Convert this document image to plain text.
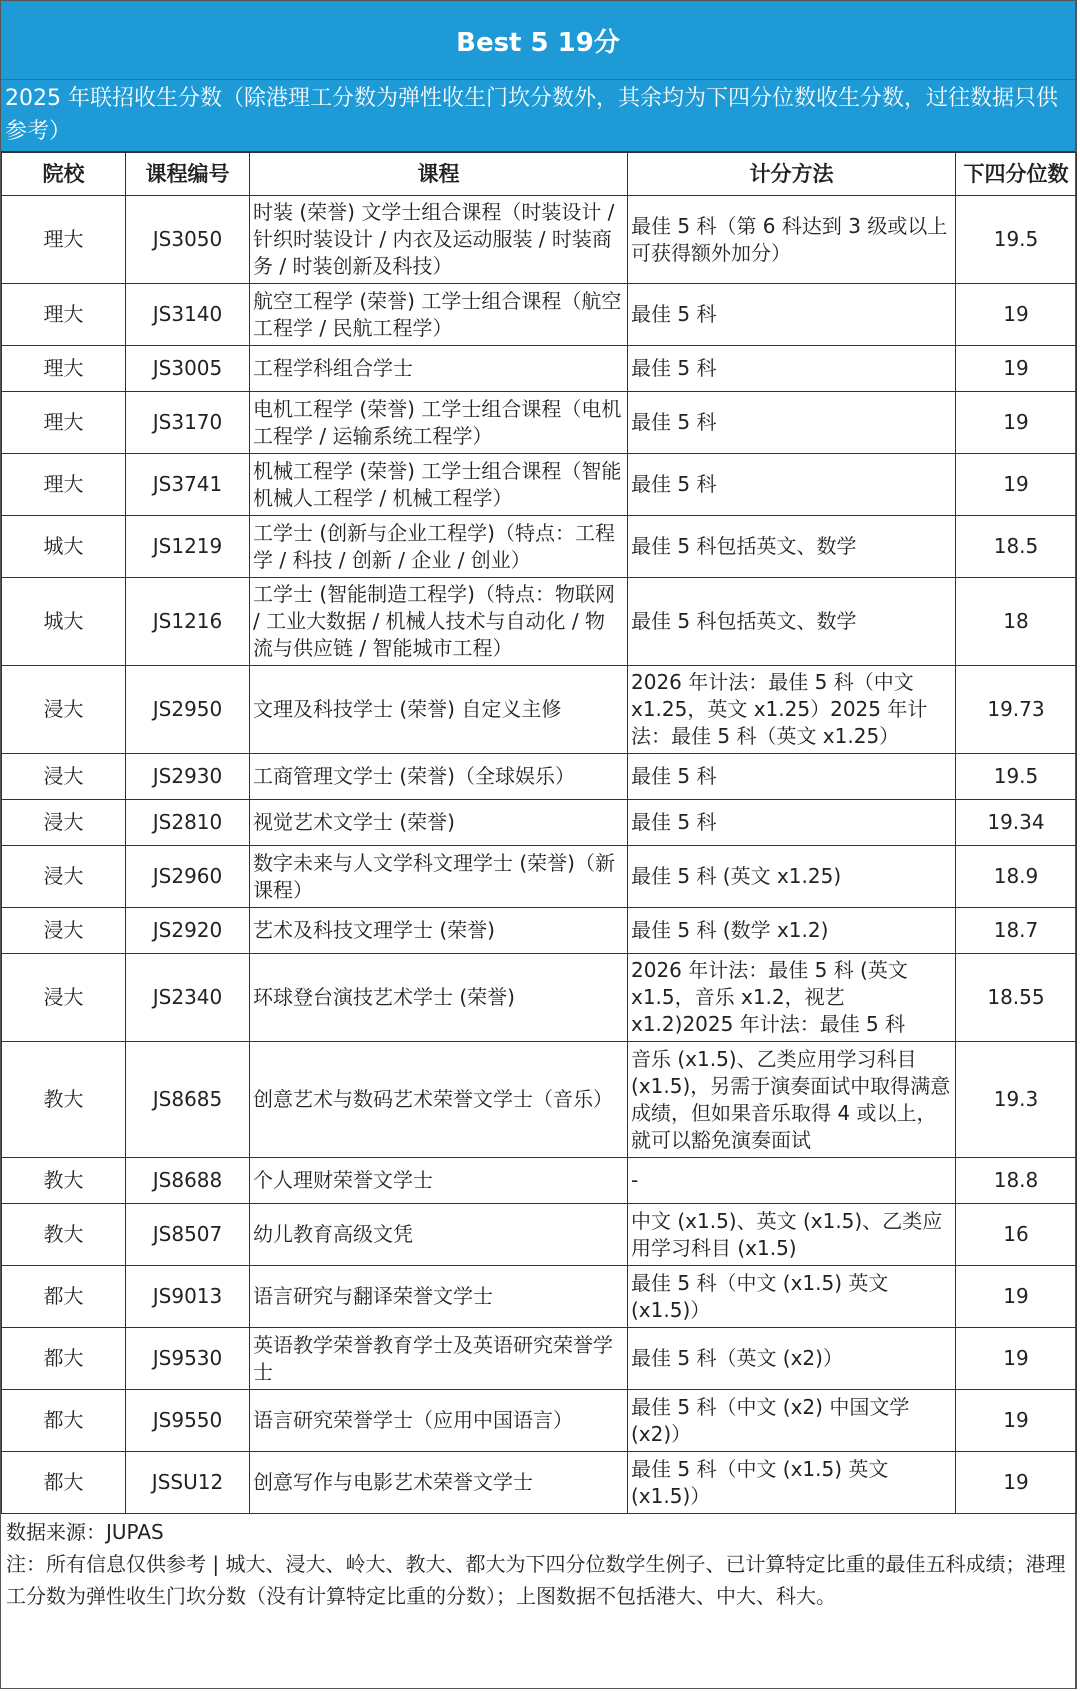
Best 5 19分
2025 年联招收生分数（除港理工分数为弹性收生门坎分数外，其余均为下四分位数收生分数，过往数据只供参考）
院校	课程编号	课程	计分方法	下四分位数

理大	JS3050	时装 (荣誉) 文学士组合课程（时装设计 / 针织时装设计 / 内衣及运动服装 / 时装商务 / 时装创新及科技）	最佳 5 科（第 6 科达到 3 级或以上可获得额外加分）	19.5

理大	JS3140	航空工程学 (荣誉) 工学士组合课程（航空工程学 / 民航工程学）	最佳 5 科	19

理大	JS3005	工程学科组合学士	最佳 5 科	19

理大	JS3170	电机工程学 (荣誉) 工学士组合课程（电机工程学 / 运输系统工程学）	最佳 5 科	19

理大	JS3741	机械工程学 (荣誉) 工学士组合课程（智能机械人工程学 / 机械工程学）	最佳 5 科	19

城大	JS1219	工学士 (创新与企业工程学)（特点：工程学 / 科技 / 创新 / 企业 / 创业）	最佳 5 科包括英文、数学	18.5

城大	JS1216	工学士 (智能制造工程学)（特点：物联网 / 工业大数据 / 机械人技术与自动化 / 物流与供应链 / 智能城市工程）	最佳 5 科包括英文、数学	18

浸大	JS2950	文理及科技学士 (荣誉) 自定义主修	2026 年计法：最佳 5 科（中文 x1.25，英文 x1.25）2025 年计法：最佳 5 科（英文 x1.25）	19.73

浸大	JS2930	工商管理文学士 (荣誉)（全球娱乐）	最佳 5 科	19.5

浸大	JS2810	视觉艺术文学士 (荣誉)	最佳 5 科	19.34

浸大	JS2960	数字未来与人文学科文理学士 (荣誉)（新课程）	最佳 5 科 (英文 x1.25)	18.9

浸大	JS2920	艺术及科技文理学士 (荣誉)	最佳 5 科 (数学 x1.2)	18.7

浸大	JS2340	环球登台演技艺术学士 (荣誉)	2026 年计法：最佳 5 科 (英文 x1.5，音乐 x1.2，视艺 x1.2)2025 年计法：最佳 5 科	18.55

教大	JS8685	创意艺术与数码艺术荣誉文学士（音乐）	音乐 (x1.5)、乙类应用学习科目 (x1.5)，另需于演奏面试中取得满意成绩，但如果音乐取得 4 或以上，就可以豁免演奏面试	19.3

教大	JS8688	个人理财荣誉文学士	-	18.8

教大	JS8507	幼儿教育高级文凭	中文 (x1.5)、英文 (x1.5)、乙类应用学习科目 (x1.5)	16

都大	JS9013	语言研究与翻译荣誉文学士	最佳 5 科（中文 (x1.5) 英文 (x1.5)）	19

都大	JS9530	英语教学荣誉教育学士及英语研究荣誉学士	最佳 5 科（英文 (x2)）	19

都大	JS9550	语言研究荣誉学士（应用中国语言）	最佳 5 科（中文 (x2) 中国文学 (x2)）	19

都大	JSSU12	创意写作与电影艺术荣誉文学士	最佳 5 科（中文 (x1.5) 英文 (x1.5)）	19
数据来源：JUPAS
注：所有信息仅供参考 | 城大、浸大、岭大、教大、都大为下四分位数学生例子、已计算特定比重的最佳五科成绩；港理工分数为弹性收生门坎分数（没有计算特定比重的分数）；上图数据不包括港大、中大、科大。
